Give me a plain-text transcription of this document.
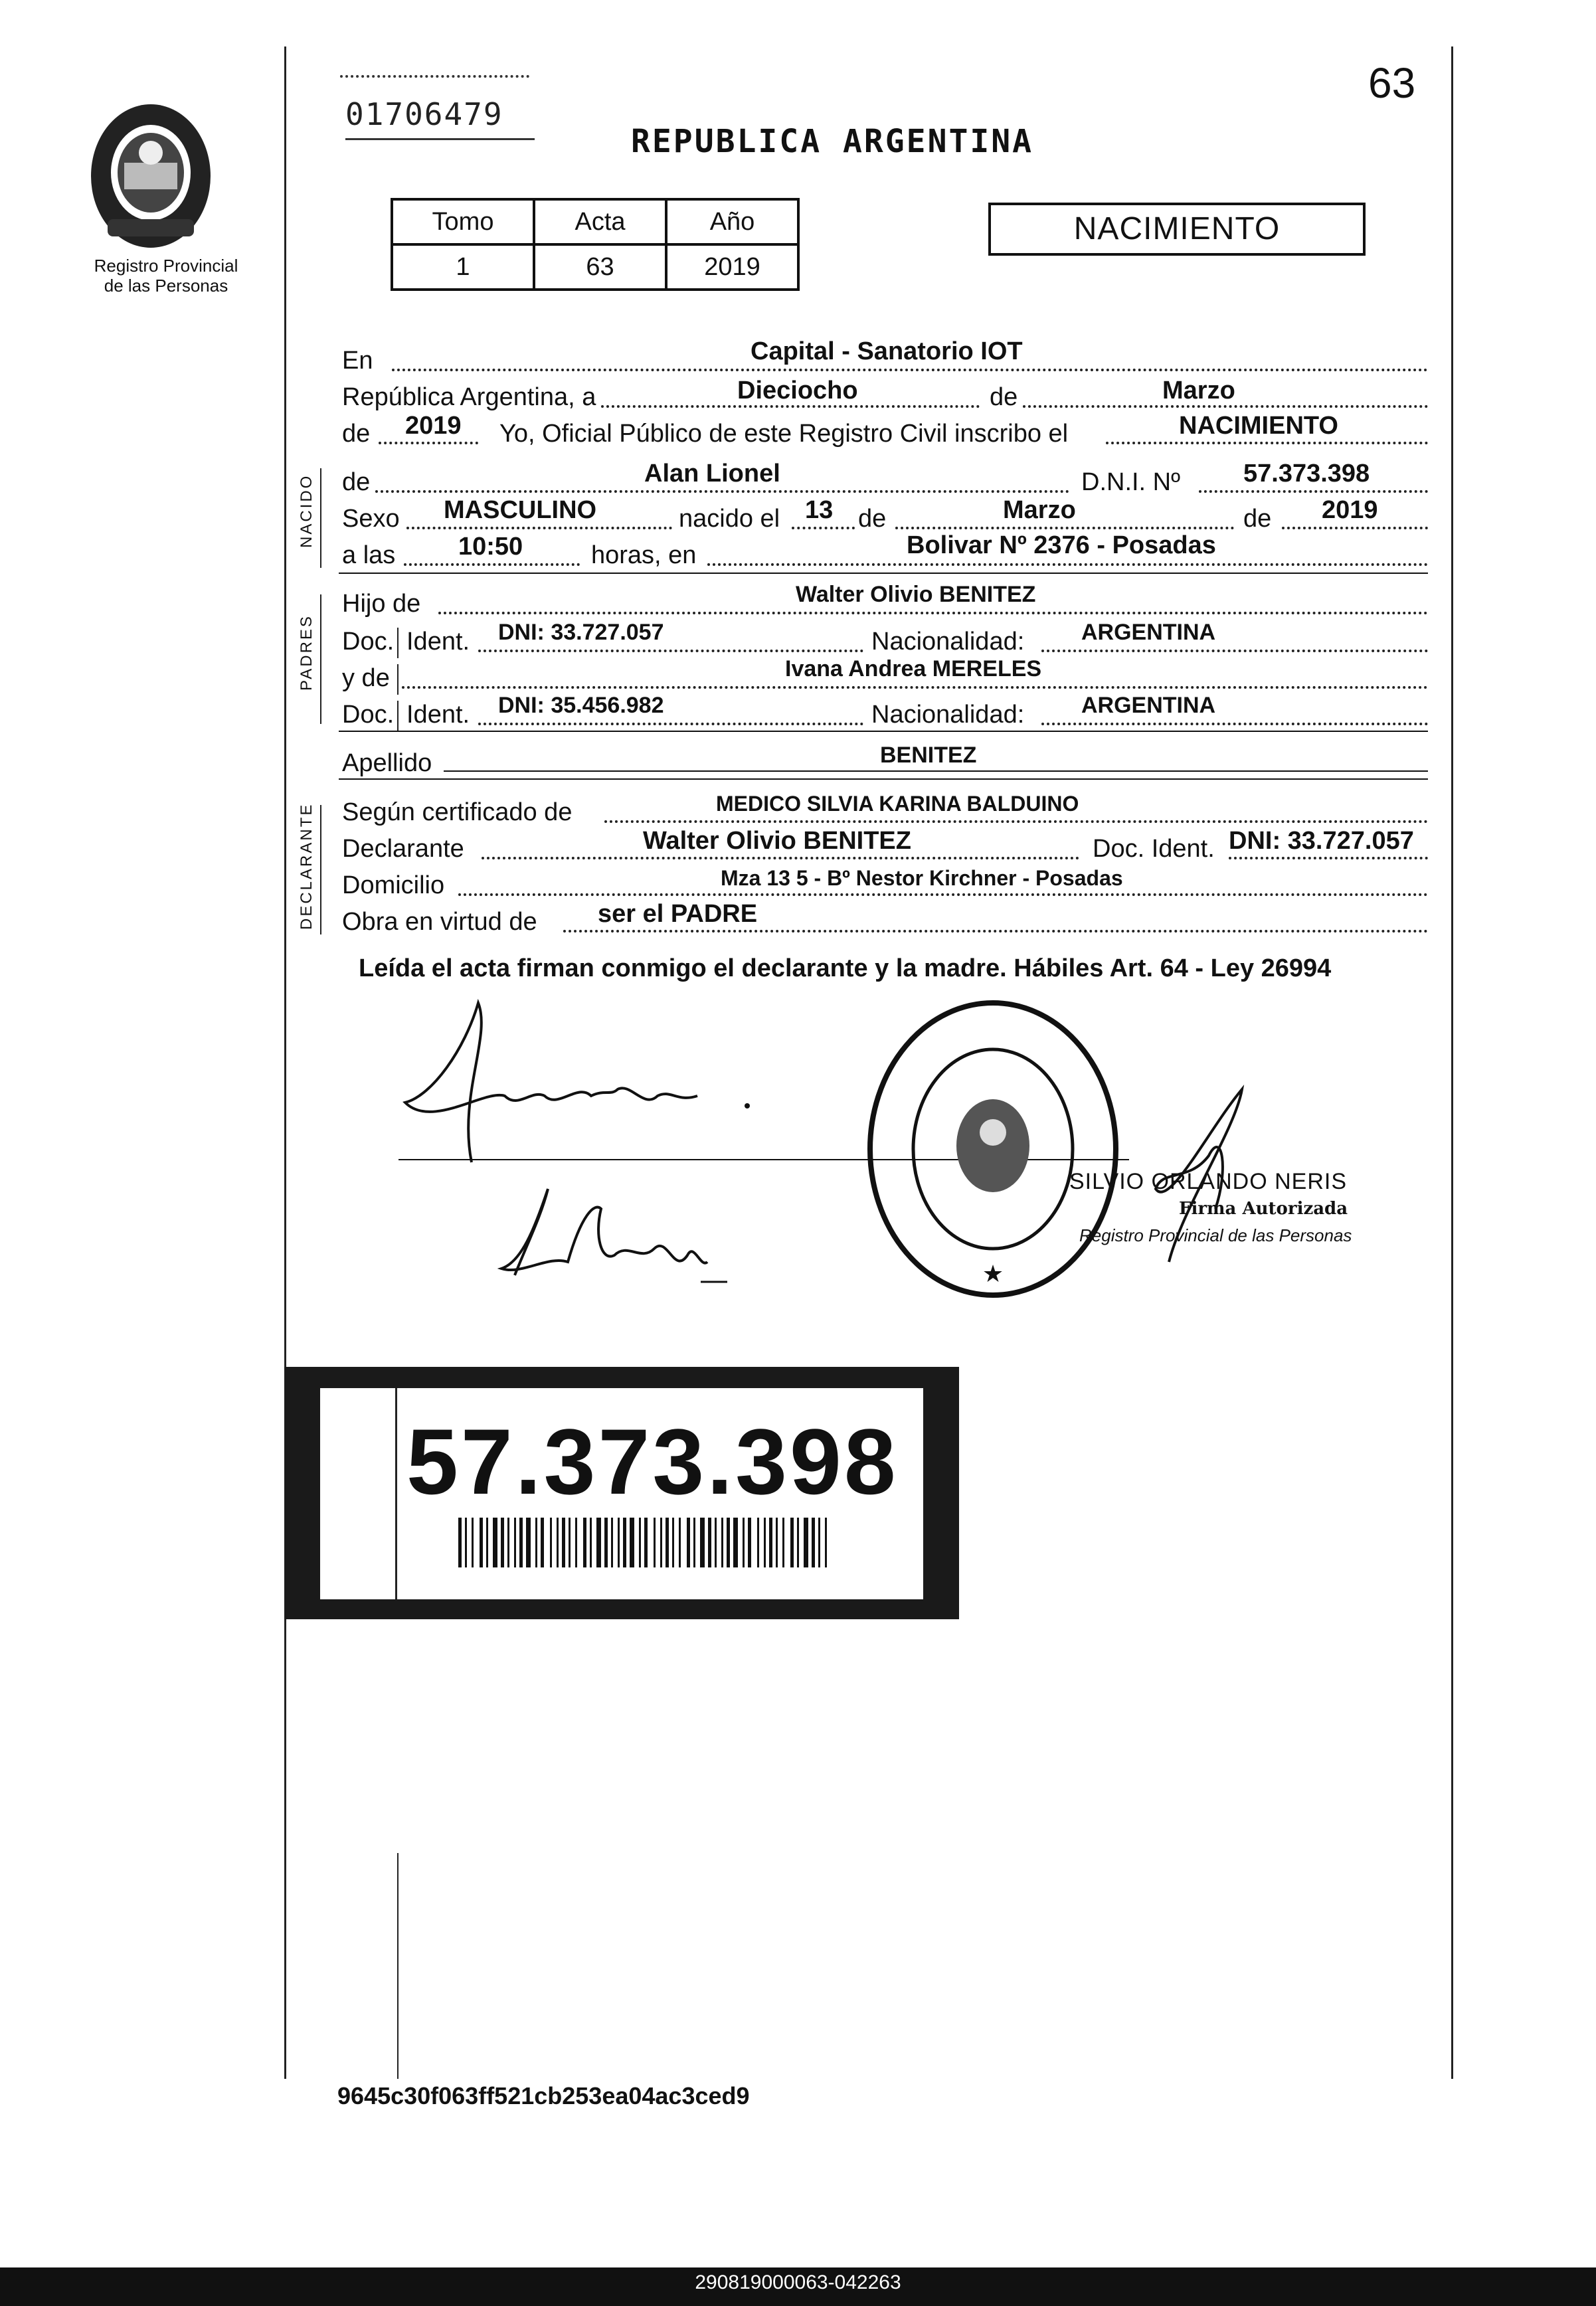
Registro Provincial
de las Personas
01706479
63
REPUBLICA ARGENTINA
Tomo	Acta	Año
1	63	2019
NACIMIENTO
En	Capital - Sanatorio IOT
República Argentina, a	Dieciocho	de	Marzo
de 2019 Yo, Oficial Público de este Registro Civil inscribo el	NACIMIENTO
NACIDO de	Alan Lionel	D.N.I. Nº	57.373.398
Sexo MASCULINO	nacido el 13 de	Marzo	de 2019
a las 10:50	horas, en	Bolivar Nº 2376 - Posadas
PADRES
Hijo de	Walter Olivio BENITEZ
Doc. Ident. DNI: 33.727.057	Nacionalidad:	ARGENTINA
y de	Ivana Andrea MERELES
Doc. Ident. DNI: 35.456.982	Nacionalidad:	ARGENTINA
Apellido	BENITEZ
DECLARANTE Según certificado de	MEDICO SILVIA KARINA BALDUINO
Declarante	Walter Olivio BENITEZ	Doc. Ident. DNI: 33.727.057
Domicilio	Mza 13 5 - Bº Nestor Kirchner - Posadas
Obra en virtud de ser el PADRE
Leída el acta firman conmigo el declarante y la madre. Hábiles Art. 64 - Ley 26994
★
SILVIO ORLANDO NERIS
Firma Autorizada
Registro Provincial de las Personas
57.373.398
9645c30f063ff521cb253ea04ac3ced9
290819000063-042263
